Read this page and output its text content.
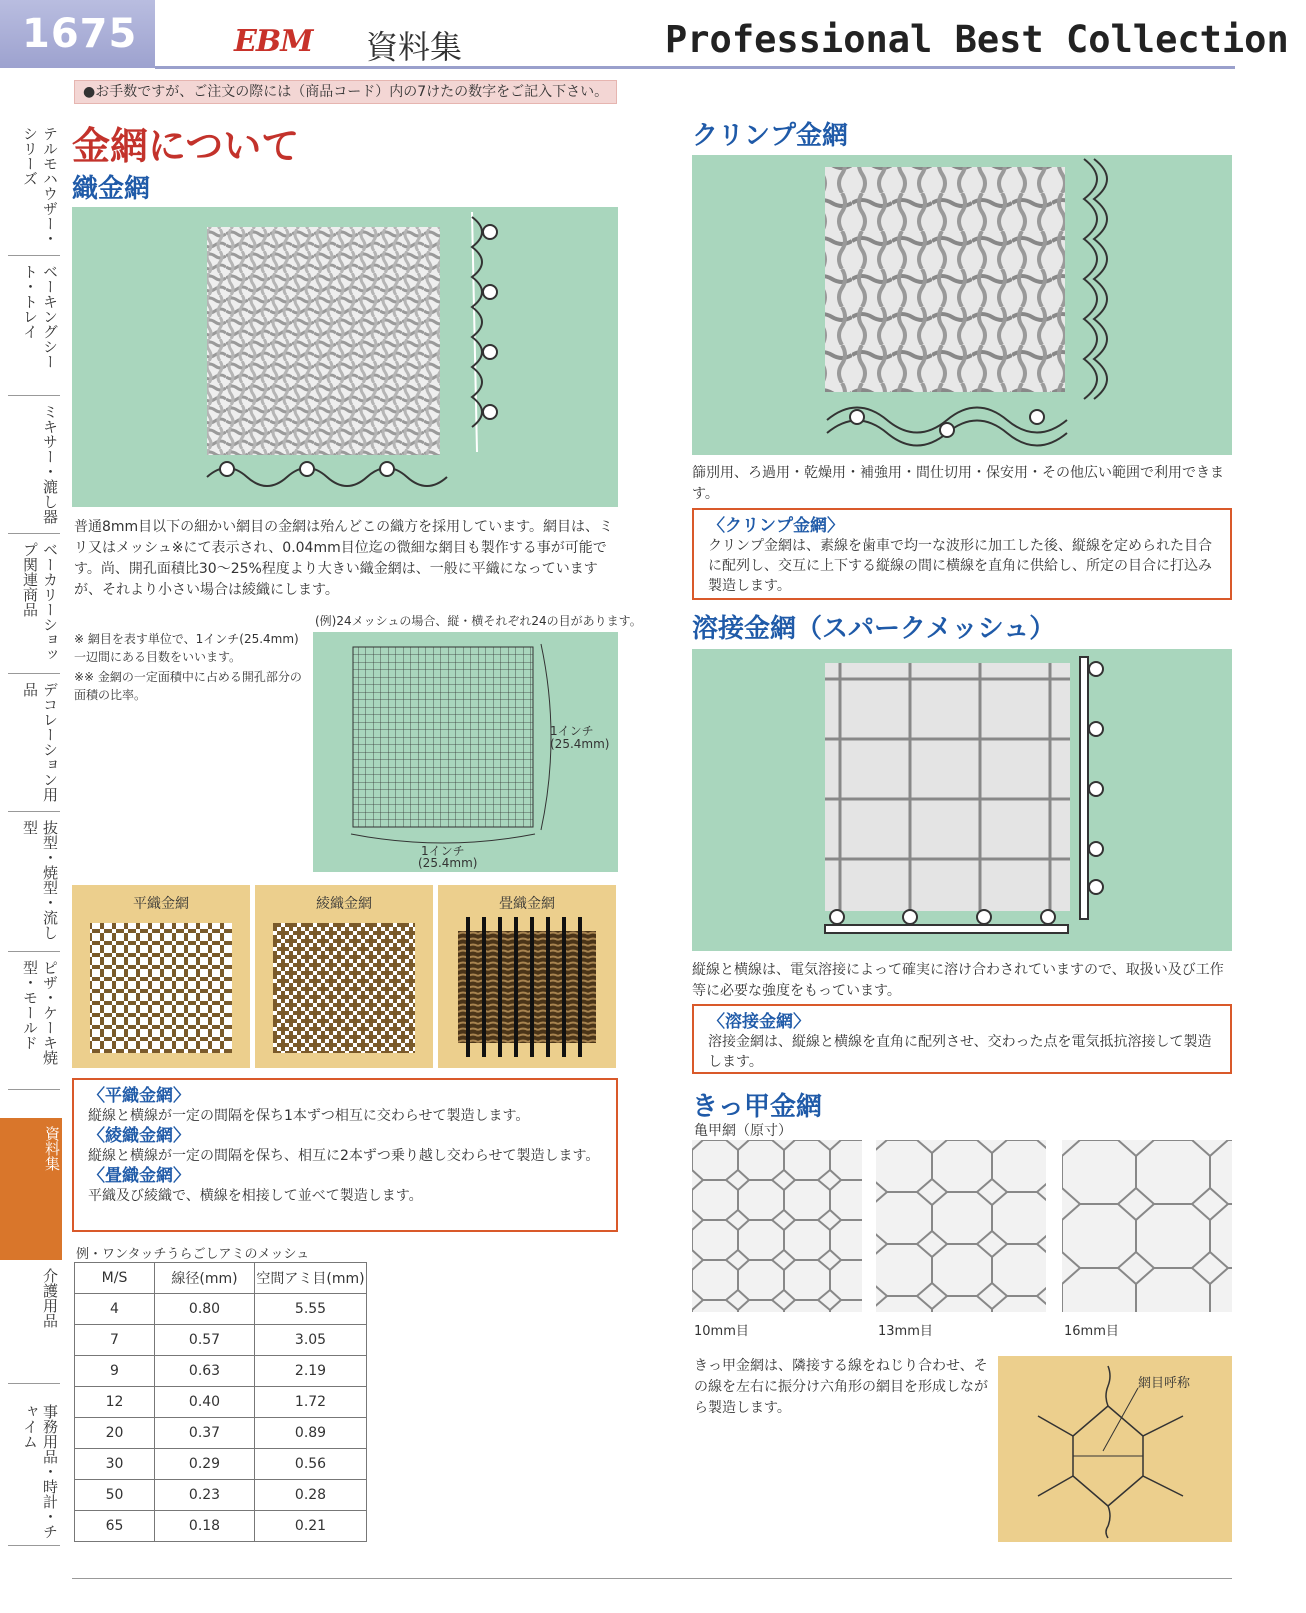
1675	EBM 資料集	Professional Best Collection
●お手数ですが、ご注文の際には（商品コード）内の7けたの数字をご記入下さい。
テルモハウザー・シリーズ
ベーキングシート・トレイ
ミキサー・漉し器
ベーカリーショップ関連商品
デコレーション用品
抜型・焼型・流し型
ピザ・ケーキ焼型・モールド
資料集
介護用品
事務用品・時計・チャイム
金網について
織金網
普通8mm目以下の細かい網目の金網は殆んどこの織方を採用しています。網目は、ミリ又はメッシュ※にて表示され、0.04mm目位迄の微細な網目も製作する事が可能です。尚、開孔面積比30〜25%程度より大きい織金網は、一般に平織になっていますが、それより小さい場合は綾織にします。
※ 網目を表す単位で、1インチ(25.4mm)一辺間にある目数をいいます。
※※ 金網の一定面積中に占める開孔部分の面積の比率。
(例)24メッシュの場合、縦・横それぞれ24の目があります。
1インチ
(25.4mm)
1インチ
(25.4mm)
平織金網	綾織金網	畳織金網
〈平織金網〉
縦線と横線が一定の間隔を保ち1本ずつ相互に交わらせて製造します。
〈綾織金網〉
縦線と横線が一定の間隔を保ち、相互に2本ずつ乗り越し交わらせて製造します。
〈畳織金網〉
平織及び綾織で、横線を相接して並べて製造します。
例・ワンタッチうらごしアミのメッシュ
M/S	線径(mm)	空間アミ目(mm)
4	0.80	5.55
7	0.57	3.05
9	0.63	2.19
12	0.40	1.72
20	0.37	0.89
30	0.29	0.56
50	0.23	0.28
65	0.18	0.21
クリンプ金網
篩別用、ろ過用・乾燥用・補強用・間仕切用・保安用・その他広い範囲で利用できます。
〈クリンプ金網〉
クリンプ金網は、素線を歯車で均一な波形に加工した後、縦線を定められた目合に配列し、交互に上下する縦線の間に横線を直角に供給し、所定の目合に打込み製造します。
溶接金網（スパークメッシュ）
縦線と横線は、電気溶接によって確実に溶け合わされていますので、取扱い及び工作等に必要な強度をもっています。
〈溶接金網〉
溶接金網は、縦線と横線を直角に配列させ、交わった点を電気抵抗溶接して製造します。
きっ甲金網
亀甲網（原寸）
10mm目	13mm目	16mm目
きっ甲金網は、隣接する線をねじり合わせ、その線を左右に振分け六角形の網目を形成しながら製造します。
網目呼称
